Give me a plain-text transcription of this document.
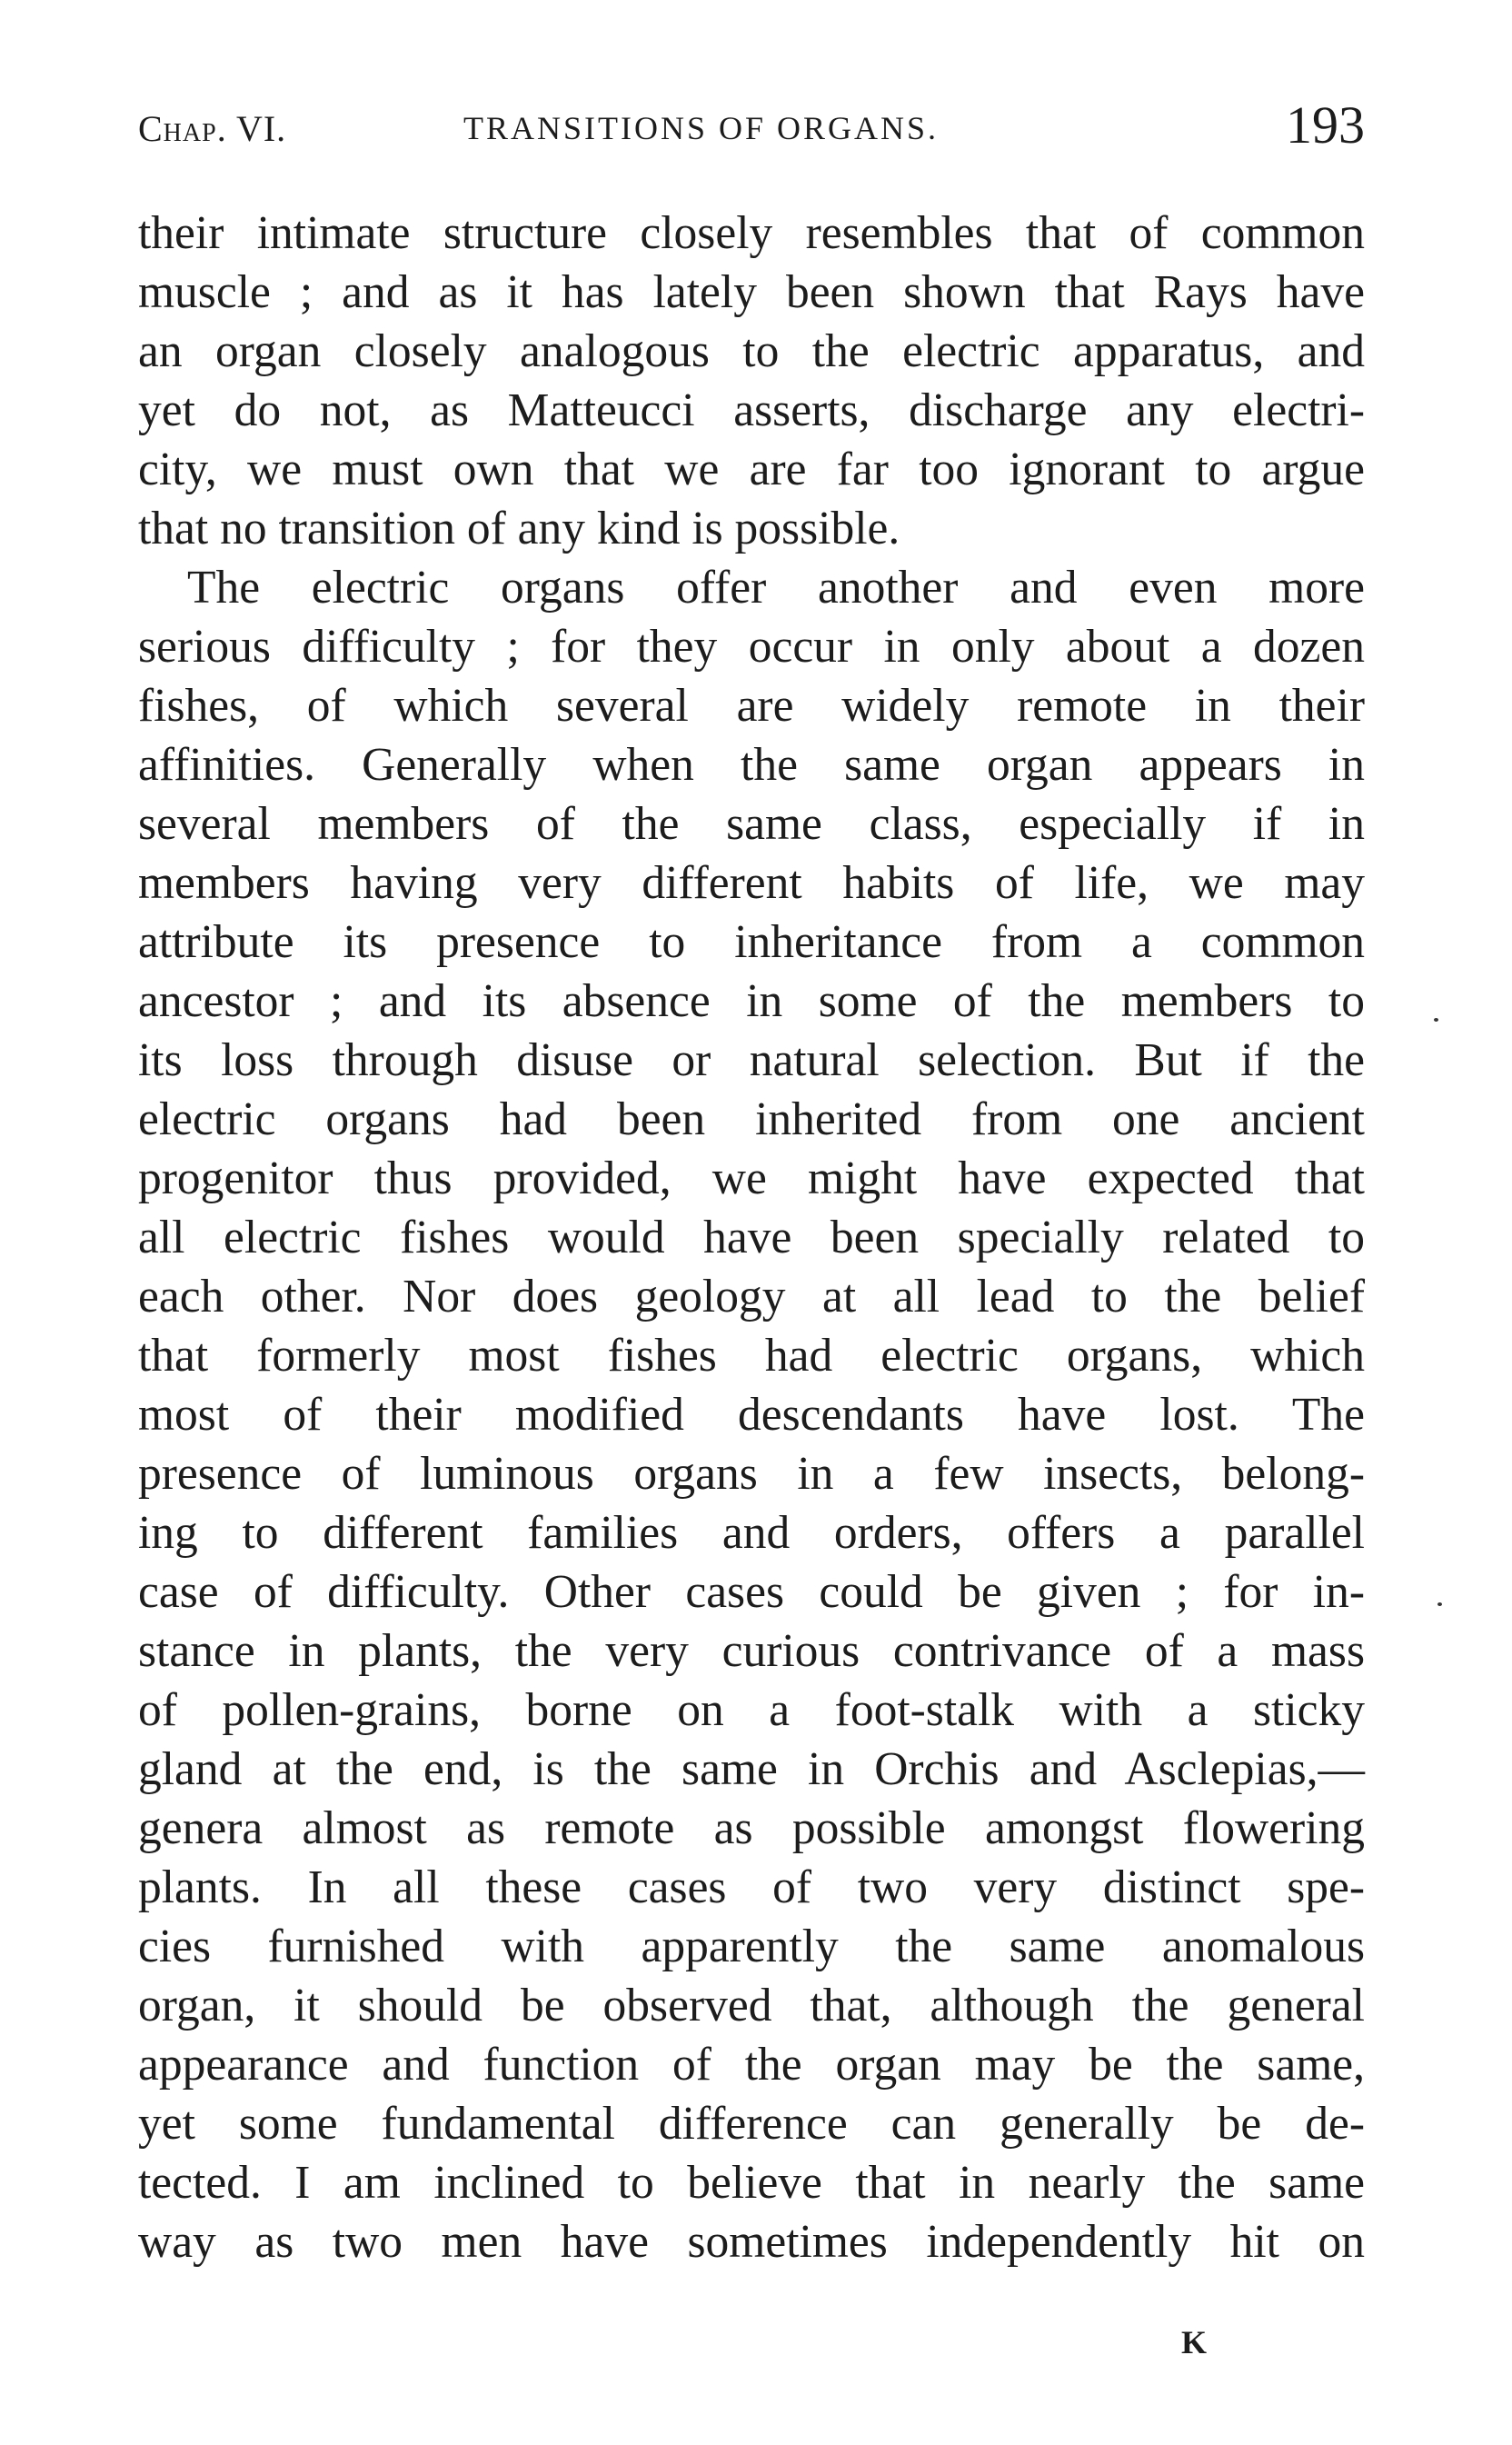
Chap. VI.	TRANSITIONS OF ORGANS.	193
their intimate structure closely resembles that of common
muscle ; and as it has lately been shown that Rays have
an organ closely analogous to the electric apparatus, and
yet do not, as Matteucci asserts, discharge any electri-
city, we must own that we are far too ignorant to argue
that no transition of any kind is possible.
The electric organs offer another and even more
serious difficulty ; for they occur in only about a dozen
fishes, of which several are widely remote in their
affinities. Generally when the same organ appears in
several members of the same class, especially if in
members having very different habits of life, we may
attribute its presence to inheritance from a common
ancestor ; and its absence in some of the members to
its loss through disuse or natural selection. But if the
electric organs had been inherited from one ancient
progenitor thus provided, we might have expected that
all electric fishes would have been specially related to
each other. Nor does geology at all lead to the belief
that formerly most fishes had electric organs, which
most of their modified descendants have lost. The
presence of luminous organs in a few insects, belong-
ing to different families and orders, offers a parallel
case of difficulty. Other cases could be given ; for in-
stance in plants, the very curious contrivance of a mass
of pollen-grains, borne on a foot-stalk with a sticky
gland at the end, is the same in Orchis and Asclepias,—
genera almost as remote as possible amongst flowering
plants. In all these cases of two very distinct spe-
cies furnished with apparently the same anomalous
organ, it should be observed that, although the general
appearance and function of the organ may be the same,
yet some fundamental difference can generally be de-
tected. I am inclined to believe that in nearly the same
way as two men have sometimes independently hit on
K
